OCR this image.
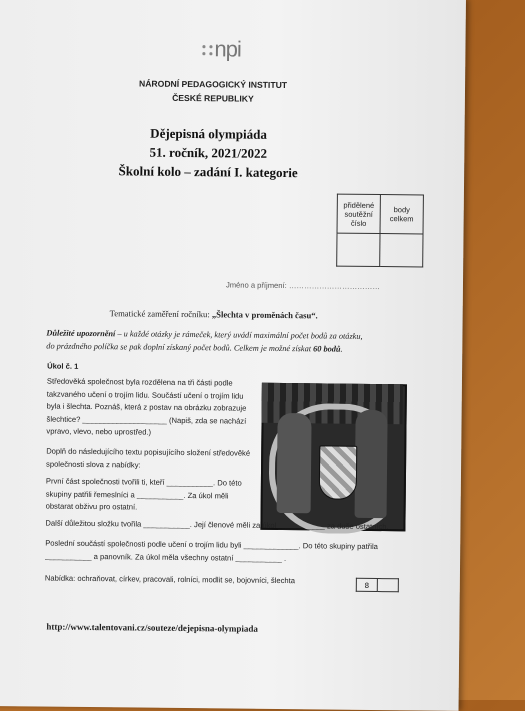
npi
NÁRODNÍ PEDAGOGICKÝ INSTITUT
ČESKÉ REPUBLIKY
Dějepisná olympiáda
51. ročník, 2021/2022
Školní kolo – zadání I. kategorie
přidělené soutěžní číslo	body celkem

Jméno a příjmení: ………………………………
Tematické zaměření ročníku: „Šlechta v proměnách času“.
Důležité upozornění – u každé otázky je rámeček, který uvádí maximální počet bodů za otázku,
do prázdného políčka se pak doplní získaný počet bodů. Celkem je možné získat 60 bodů.
Úkol č. 1
Středověká společnost byla rozdělena na tři části podle
takzvaného učení o trojím lidu. Součástí učení o trojím lidu
byla i šlechta. Poznáš, která z postav na obrázku zobrazuje
šlechtice? ____________________ (Napiš, zda se nachází
vpravo, vlevo, nebo uprostřed.)
Doplň do následujícího textu popisujícího složení středověké
společnosti slova z nabídky:
První část společnosti tvořili ti, kteří ___________. Do této
skupiny patřili řemeslníci a ___________. Za úkol měli
obstarat obživu pro ostatní.
Další důležitou složku tvořila ___________. Její členové měli za úkol ___________ za duše ostatních.
Poslední součástí společnosti podle učení o trojím lidu byli _____________. Do této skupiny patřila
___________ a panovník. Za úkol měla všechny ostatní ___________ .
Nabídka: ochraňovat, církev, pracovali, rolníci, modlit se, bojovníci, šlechta	8	
http://www.talentovani.cz/souteze/dejepisna-olympiada
